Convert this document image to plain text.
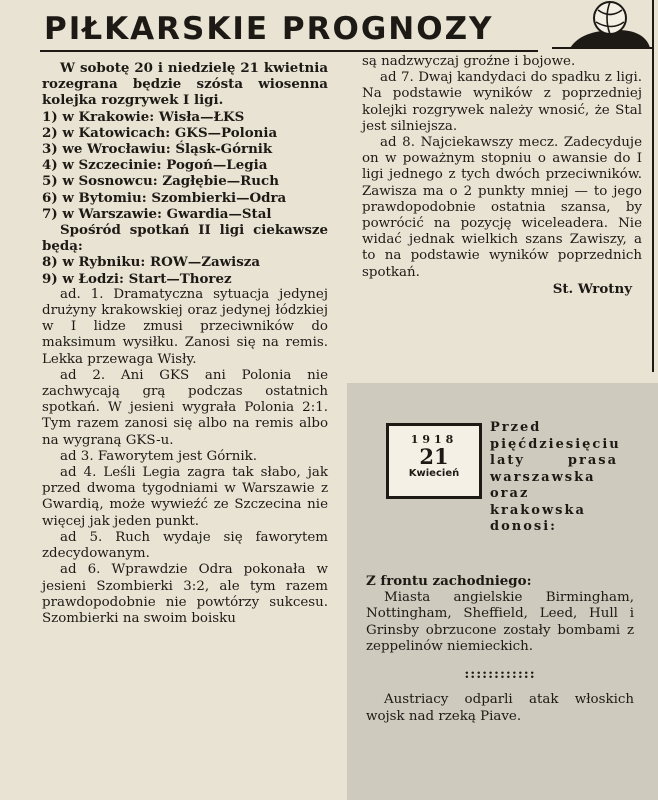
PIŁKARSKIE PROGNOZY

W sobotę 20 i niedzielę 21 kwietnia rozegrana będzie szósta wiosenna kolejka rozgrywek I ligi.

1) w Krakowie: Wisła—ŁKS

2) w Katowicach: GKS—Polonia

3) we Wrocławiu: Śląsk-Górnik

4) w Szczecinie: Pogoń—Legia

5) w Sosnowcu: Zagłębie—Ruch

6) w Bytomiu: Szombierki—Odra

7) w Warszawie: Gwardia—Stal

Spośród spotkań II ligi ciekawsze będą:

8) w Rybniku: ROW—Zawisza

9) w Łodzi: Start—Thorez

ad. 1. Dramatyczna sytuacja jedynej drużyny krakowskiej oraz jedynej łódzkiej w I lidze zmusi przeciwników do maksimum wysiłku. Zanosi się na remis. Lekka przewaga Wisły.

ad 2. Ani GKS ani Polonia nie zachwycają grą podczas ostatnich spotkań. W jesieni wygrała Polonia 2:1. Tym razem zanosi się albo na remis albo na wygraną GKS-u.

ad 3. Faworytem jest Górnik.

ad 4. Leśli Legia zagra tak słabo, jak przed dwoma tygodniami w Warszawie z Gwardią, może wywieźć ze Szczecina nie więcej jak jeden punkt.

ad 5. Ruch wydaje się faworytem zdecydowanym.

ad 6. Wprawdzie Odra pokonała w jesieni Szombierki 3:2, ale tym razem prawdopodobnie nie powtórzy sukcesu. Szombierki na swoim boisku

są nadzwyczaj groźne i bojowe.

ad 7. Dwaj kandydaci do spadku z ligi. Na podstawie wyników z poprzedniej kolejki rozgrywek należy wnosić, że Stal jest silniejsza.

ad 8. Najciekawszy mecz. Zadecyduje on w poważnym stopniu o awansie do I ligi jednego z tych dwóch przeciwników. Zawisza ma o 2 punkty mniej — to jego prawdopodobnie ostatnia szansa, by powrócić na pozycję wiceleadera. Nie widać jednak wielkich szans Zawiszy, a to na podstawie wyników poprzednich spotkań.

St. Wrotny

1918
21
Kwiecień
Przed pięćdziesięciu laty prasa warszawska oraz krakowska donosi:

Z frontu zachodniego:

Miasta angielskie Birmingham, Nottingham, Sheffield, Leed, Hull i Grinsby obrzucone zostały bombami z zeppelinów niemieckich.

::::::::::::

Austriacy odparli atak włoskich wojsk nad rzeką Piave.
